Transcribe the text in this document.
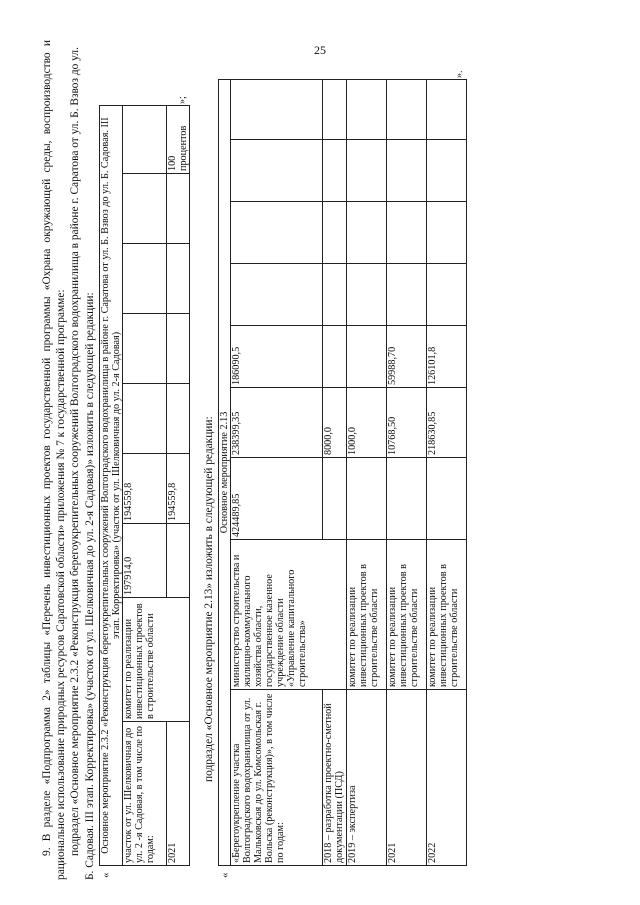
25

9. В разделе «Подпрограмма 2» таблицы «Перечень инвестиционных проектов государственной программы «Охрана окружающей среды, воспроизводство и рациональное использование природных ресурсов Саратовской области» приложения № 7 к государственной программе: подраздел «Основное мероприятие 2.3.2 «Реконструкция берегоукрепительных сооружений Волгоградского водохранилища в районе г. Саратова от ул. Б. Взвоз до ул. Б. Садовая. III этап. Корректировка» (участок от ул. Шелковичная до ул. 2-я Садовая)» изложить в следующей редакции: «
Основное мероприятие 2.3.2 «Реконструкция берегоукрепительных сооружений Волгоградского водохранилища в районе г. Саратова от ул. Б. Взвоз до ул. Б. Садовая. III этап. Корректировка» (участок от ул. Шелковичная до ул. 2-я Садовая)								
участок от ул. Шелковичная до ул. 2 -я Садовая, в том числе по годам:	комитет по реализации инвестиционных проектов в строительстве области	197914,0	194559,8					
2021			194559,8					100 процентов
»;

подраздел «Основное мероприятие 2.13» изложить в следующей редакции:

«
Основное мероприятие 2.13								
«Берегоукрепление участка Волгоградского водохранилища от ул. Мальковская до ул. Комсомольская г. Вольска (реконструкция)», в том числе по годам:	министерство строительства и жилищно-коммунального хозяйства области, государственное казенное учреждение области «Управление капитального строительства»	424489,85	238399,35	186090,5				
2018 – разработка проектно-сметной документации (ПСД)			8000,0					
2019 – экспертиза	комитет по реализации инвестиционных проектов в строительстве области		1000,0					
2021	комитет по реализации инвестиционных проектов в строительстве области		10768,50	59988,70				
2022	комитет по реализации инвестиционных проектов в строительстве области		218630,85	126101,8				
».
